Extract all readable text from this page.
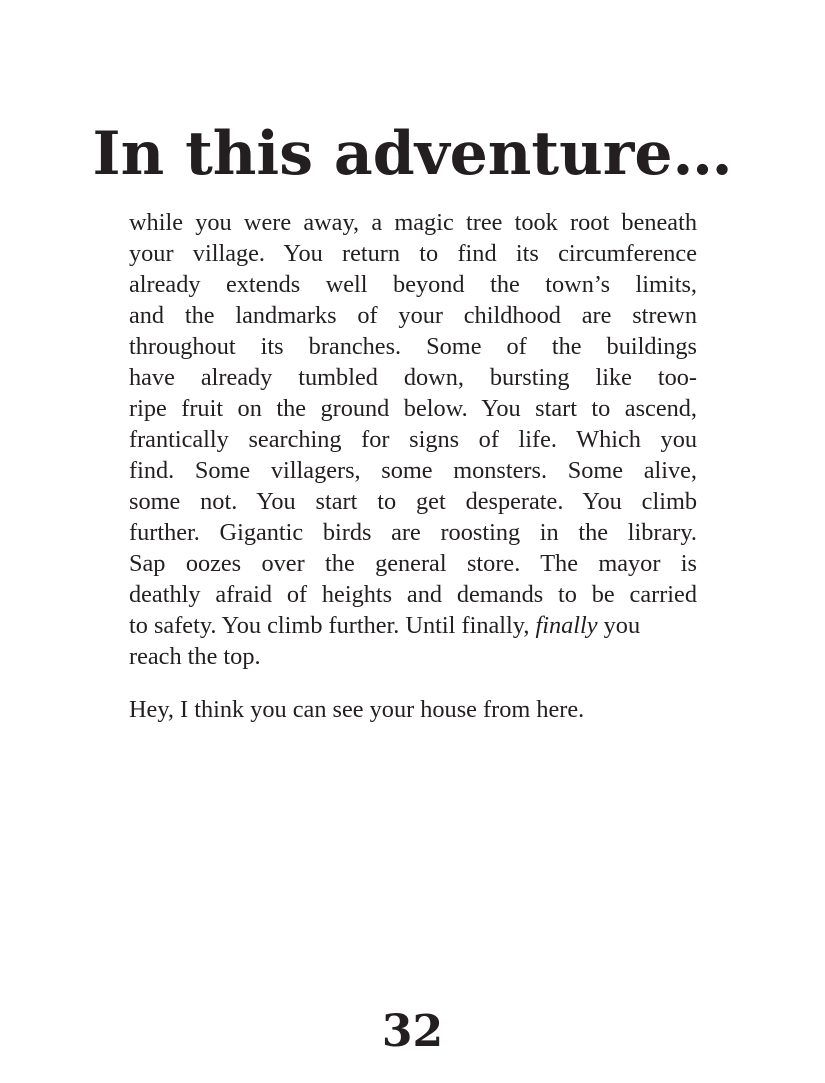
In this adventure…

while you were away, a magic tree took root beneath
your village. You return to find its circumference
already extends well beyond the town’s limits,
and the landmarks of your childhood are strewn
throughout its branches. Some of the buildings
have already tumbled down, bursting like too-
ripe fruit on the ground below. You start to ascend,
frantically searching for signs of life. Which you
find. Some villagers, some monsters. Some alive,
some not. You start to get desperate. You climb
further. Gigantic birds are roosting in the library.
Sap oozes over the general store. The mayor is
deathly afraid of heights and demands to be carried
to safety. You climb further. Until finally, finally you
reach the top.

Hey, I think you can see your house from here.

32
